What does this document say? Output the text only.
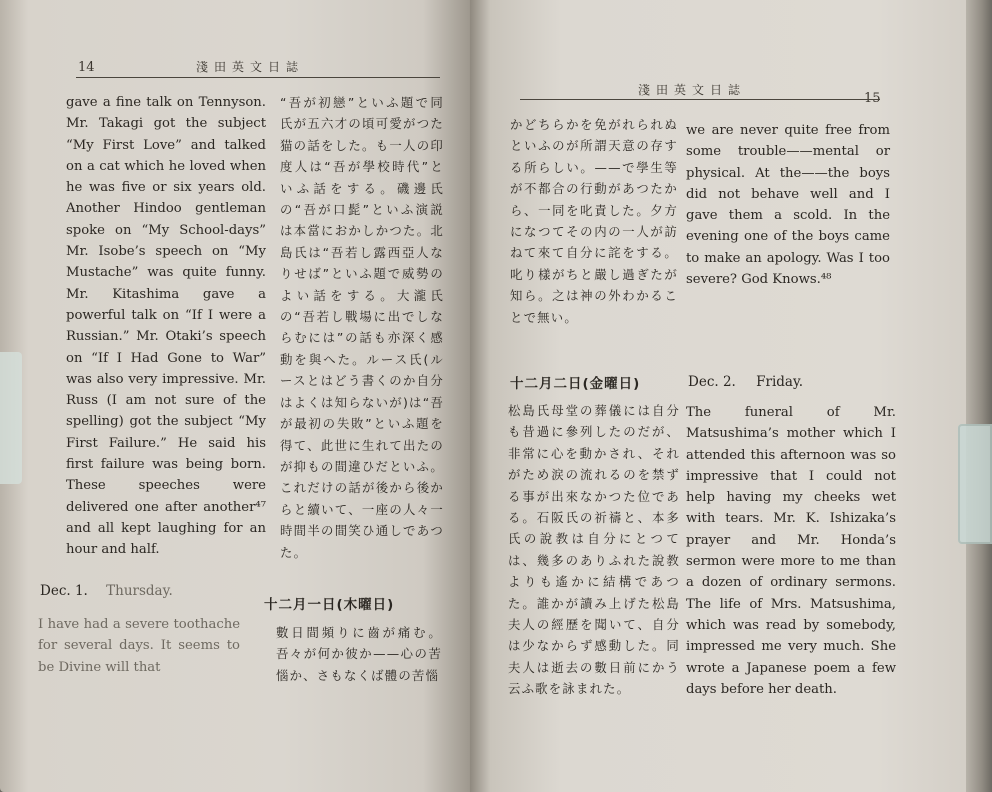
14	淺田英文日誌

gave a fine talk on Tennyson. Mr. Takagi got the subject “My First Love” and talked on a cat which he loved when he was five or six years old. Another Hindoo gentleman spoke on “My School-days” Mr. Isobe’s speech on “My Mustache” was quite funny. Mr. Kitashima gave a powerful talk on “If I were a Russian.” Mr. Otaki’s speech on “If I Had Gone to War” was also very impressive. Mr. Russ (I am not sure of the spelling) got the subject “My First Failure.” He said his first failure was being born. These speeches were delivered one after another⁴⁷ and all kept laughing for an hour and half.

“吾が初戀”といふ題で同氏が五六才の頃可愛がつた猫の話をした。も一人の印度人は“吾が學校時代”といふ話をする。磯邊氏の“吾が口髭”といふ演説は本當におかしかつた。北島氏は“吾若し露西亞人なりせば”といふ題で威勢のよい話をする。大瀧氏の“吾若し戰場に出でしならむには”の話も亦深く感動を與へた。ルース氏(ルースとはどう書くのか自分はよくは知らないが)は“吾が最初の失敗”といふ題を得て、此世に生れて出たのが抑もの間違ひだといふ。これだけの話が後から後からと續いて、一座の人々一時間半の間笑ひ通しであつた。

Dec. 1. Thursday.

I have had a severe toothache for several days. It seems to be Divine will that

十二月一日(木曜日)

數日間頻りに齒が痛む。吾々が何か彼か——心の苦惱か、さもなくば體の苦惱

淺田英文日誌
15

かどちらかを免がれられぬといふのが所謂天意の存する所らしい。——で學生等が不都合の行動があつたから、一同を叱責した。夕方になつてその内の一人が訪ねて來て自分に詫をする。叱り樣がちと嚴し過ぎたが知ら。之は神の外わかることで無い。

we are never quite free from some trouble——mental or physical. At the——the boys did not behave well and I gave them a scold. In the evening one of the boys came to make an apology. Was I too severe? God Knows.⁴⁸

十二月二日(金曜日)

松島氏母堂の葬儀には自分も昔過に參列したのだが、非常に心を動かされ、それがため涙の流れるのを禁ずる事が出來なかつた位である。石阪氏の祈禱と、本多氏の說教は自分にとつては、幾多のありふれた說教よりも遙かに結構であつた。誰かが讀み上げた松島夫人の經歷を聞いて、自分は少なからず感動した。同夫人は逝去の數日前にかう云ふ歌を詠まれた。

Dec. 2. Friday.

The funeral of Mr. Matsushima’s mother which I attended this afternoon was so impressive that I could not help having my cheeks wet with tears. Mr. K. Ishizaka’s prayer and Mr. Honda’s sermon were more to me than a dozen of ordinary sermons. The life of Mrs. Matsushima, which was read by somebody, impressed me very much. She wrote a Japanese poem a few days before her death.
